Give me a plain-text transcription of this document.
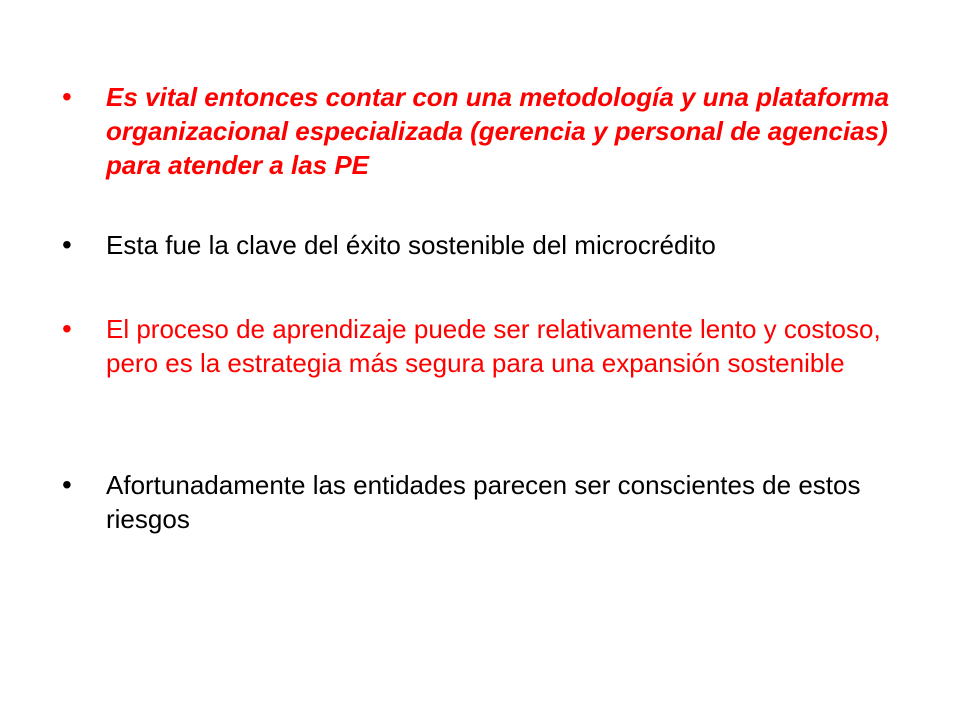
• Es vital entonces contar con una metodología y una plataforma organizacional especializada (gerencia y personal de agencias) para atender a las PE

• Esta fue la clave del éxito sostenible del microcrédito

• El proceso de aprendizaje puede ser relativamente lento y costoso, pero es la estrategia más segura para una expansión sostenible

• Afortunadamente las entidades parecen ser conscientes de estos riesgos
